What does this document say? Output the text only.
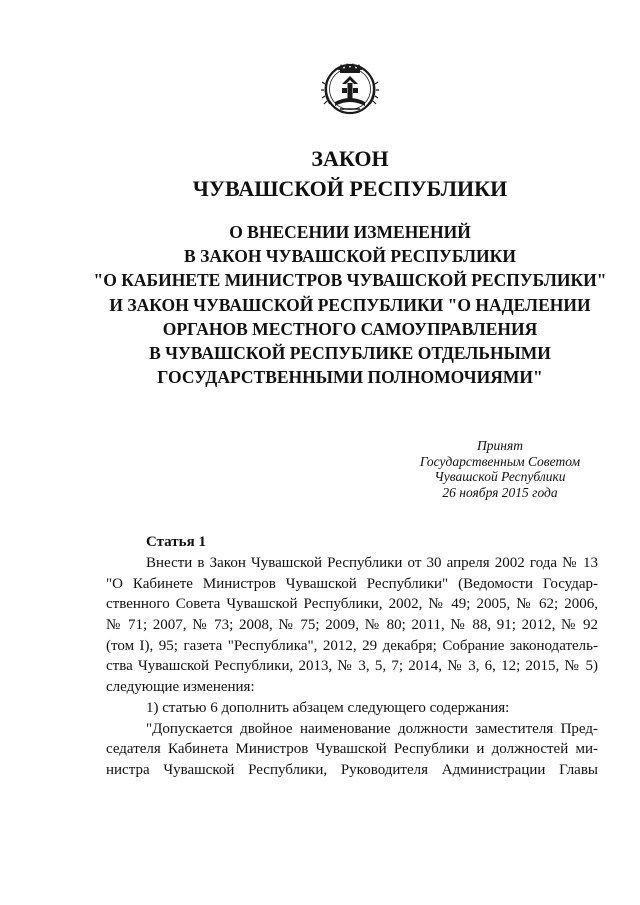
ЗАКОН
ЧУВАШСКОЙ РЕСПУБЛИКИ
О ВНЕСЕНИИ ИЗМЕНЕНИЙ
В ЗАКОН ЧУВАШСКОЙ РЕСПУБЛИКИ
"О КАБИНЕТЕ МИНИСТРОВ ЧУВАШСКОЙ РЕСПУБЛИКИ"
И ЗАКОН ЧУВАШСКОЙ РЕСПУБЛИКИ "О НАДЕЛЕНИИ
ОРГАНОВ МЕСТНОГО САМОУПРАВЛЕНИЯ
В ЧУВАШСКОЙ РЕСПУБЛИКЕ ОТДЕЛЬНЫМИ
ГОСУДАРСТВЕННЫМИ ПОЛНОМОЧИЯМИ"
Принят
Государственным Советом
Чувашской Республики
26 ноября 2015 года
Статья 1
Внести в Закон Чувашской Республики от 30 апреля 2002 года № 13
"О Кабинете Министров Чувашской Республики" (Ведомости Государ-
ственного Совета Чувашской Республики, 2002, № 49; 2005, № 62; 2006,
№ 71; 2007, № 73; 2008, № 75; 2009, № 80; 2011, № 88, 91; 2012, № 92
(том I), 95; газета "Республика", 2012, 29 декабря; Собрание законодатель-
ства Чувашской Республики, 2013, № 3, 5, 7; 2014, № 3, 6, 12; 2015, № 5)
следующие изменения:
1) статью 6 дополнить абзацем следующего содержания:
"Допускается двойное наименование должности заместителя Пред-
седателя Кабинета Министров Чувашской Республики и должностей ми-
нистра Чувашской Республики, Руководителя Администрации Главы
